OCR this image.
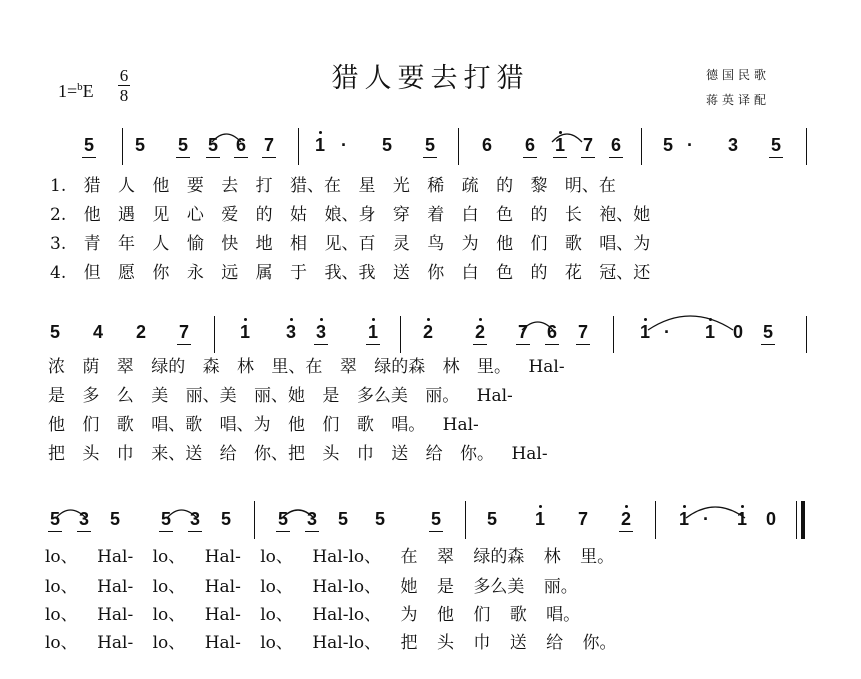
猎人要去打猎
1=$^b$E
6
8
德国民歌
蒋英译配
5 5 5 5 6 7 1 · 5 5	6 6 1 7 6 5 · 3 5
1. 猎 人 他 要 去 打 猎、在 星 光 稀 疏 的 黎 明、在
2. 他 遇 见 心 爱 的 姑 娘、身 穿 着 白 色 的 长 袍、她
3. 青 年 人 愉 快 地 相 见、百 灵 鸟 为 他 们 歌 唱、为
4. 但 愿 你 永 远 属 于 我、我 送 你 白 色 的 花 冠、还
5 4 2 7	1 3 3 1 2 2 7 6 7	1 · 1 0 5
浓 荫 翠 绿的 森 林 里、在 翠 绿的森 林 里。 Hal-
是 多 么 美 丽、美 丽、她 是 多么美 丽。 Hal-
他 们 歌 唱、歌 唱、为 他 们 歌 唱。 Hal-
把 头 巾 来、送 给 你、把 头 巾 送 给 你。 Hal-
5 3 5 5 3 5	5 3 5 5	5	5 1 7 2	1 · 1 0
lo、 Hal- lo、 Hal- lo、 Hal-lo、 在 翠 绿的森 林 里。
lo、 Hal- lo、 Hal- lo、 Hal-lo、 她 是 多么美 丽。
lo、 Hal- lo、 Hal- lo、 Hal-lo、 为 他 们 歌 唱。
lo、 Hal- lo、 Hal- lo、 Hal-lo、 把 头 巾 送 给 你。
